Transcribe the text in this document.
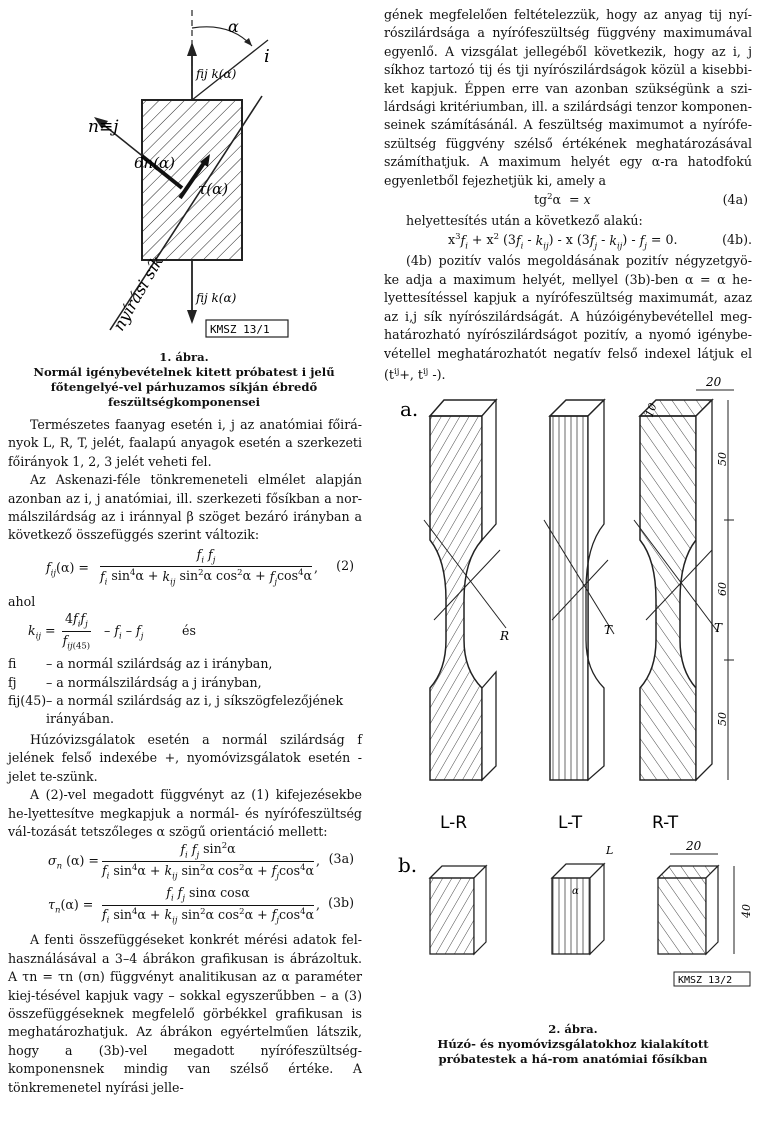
α
i
n≡j
6n(α)
τ(α)
fij k(α)
fij k(α)
nyírási sík	KMSZ 13/1

1. ábra.

Normál igénybevételnek kitett próbatest i jelű főtengelyé-vel párhuzamos síkján ébredő feszültségkomponensei

Természetes faanyag esetén i, j az anatómiai főirá-nyok L, R, T, jelét, faalapú anyagok esetén a szerkezeti főirányok 1, 2, 3 jelét veheti fel.

Az Askenazi-féle tönkremeneteli elmélet alapján azonban az i, j anatómiai, ill. szerkezeti fősíkban a nor-málszilárdság az i iránnyal β szöget bezáró irányban a következő összefüggés szerint változik:

$f_{ij}(\alpha)$ =
$f_i$ $f_j$
$f_i$ $\sin^4\alpha + k_{ij}$ $\sin^2\alpha$ $\cos^2\alpha + f_j\cos^4\alpha$
, (2)

ahol

$k_{ij}$ =
$4f_if_j$
$f_{ij(45)}$
– $f_i - f_j$	és
fi	– a normál szilárdság az i irányban,
fj	– a normálszilárdság a j irányban,
fij(45) – a normál szilárdság az i, j síkszögfelezőjének irányában.

Húzóvizsgálatok esetén a normál szilárdság f jelének felső indexébe +, nyomóvizsgálatok esetén - jelet te-szünk.

A (2)-vel megadott függvényt az (1) kifejezésekbe he-lyettesítve megkapjuk a normál- és nyírófeszültség vál-tozását tetszőleges α szögű orientáció mellett:

$\sigma_n$ (α) =
$f_i$ $f_j$ $\sin^2\alpha$
$f_i$ $\sin^4\alpha + k_{ij}$ $\sin^2\alpha$ $\cos^2\alpha + f_j\cos^4\alpha$
, (3a)
$\tau_n(\alpha)$ =
$f_i$ $f_j$ sinα cosα
$f_i$ $\sin^4\alpha + k_{ij}$ $\sin^2\alpha$ $\cos^2\alpha + f_j\cos^4\alpha$
, (3b)

A fenti összefüggéseket konkrét mérési adatok fel-használásával a 3–4 ábrákon grafikusan is ábrázoltuk. A τn = τn (σn) függvényt analitikusan az α paraméter kiej-tésével kapjuk vagy – sokkal egyszerűbben – a (3) összefüggéseknek megfelelő görbékkel grafikusan is meghatározhatjuk. Az ábrákon egyértelműen látszik, hogy a (3b)-vel megadott nyírófeszültség-komponensnek mindig van szélső értéke. A tönkremenetel nyírási jelle-

gének megfelelően feltételezzük, hogy az anyag tij nyí-rószilárdsága a nyírófeszültség függvény maximumával egyenlő. A vizsgálat jellegéből következik, hogy az i, j síkhoz tartozó tij és tji nyírószilárdságok közül a kisebbi-ket kapjuk. Éppen erre van azonban szükségünk a szi-lárdsági kritériumban, ill. a szilárdsági tenzor komponen-seinek számításánál. A feszültség maximumot a nyírófe-szültség függvény szélső értékének meghatározásával számíthatjuk. A maximum helyét egy α-ra hatodfokú egyenletből fejezhetjük ki, amely a

$tg^2\alpha = x$	(4a)

helyettesítés után a következő alakú:

$x^3f_i + x^2$ $(3f_i - k_{ij})$ - x $(3f_j - k_{ij}) - f_j = 0$.	(4b).

(4b) pozitív valós megoldásának pozitív négyzetgyö-ke adja a maximum helyét, mellyel (3b)-ben α = α he-lyettesítéssel kapjuk a nyírófeszültség maximumát, azaz az i,j sík nyírószilárdságát. A húzóigénybevétellel meg-határozható nyírószilárdságot pozitív, a nyomó igénybe-vétellel meghatározhatót negatív felső indexel látjuk el ($t^{ij}+$, $t^{ij}$ -).

a.
R	T	T
20
10
50
60
50
L-R	L-T	R-T
b.
L
α
20
40
KMSZ 13/2

2. ábra.

Húzó- és nyomóvizsgálatokhoz kialakított próbatestek a há-rom anatómiai fősíkban
